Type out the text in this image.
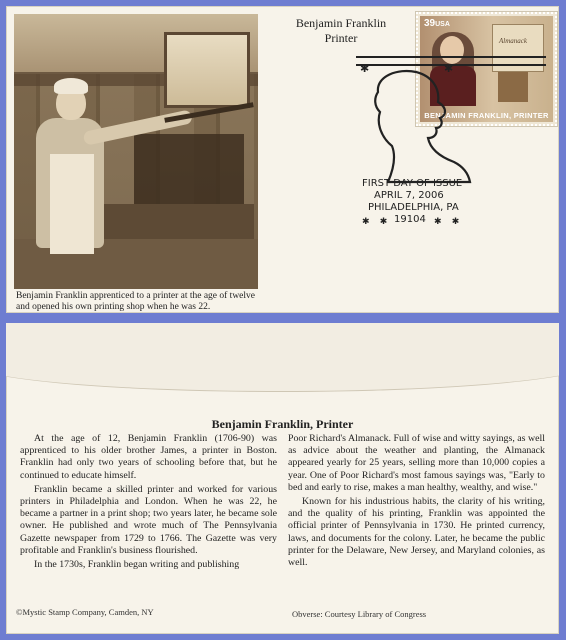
Benjamin Franklin apprenticed to a printer at the age of twelve and opened his own printing shop when he was 22.
Benjamin Franklin
Printer
39USA
Almanack
BENJAMIN FRANKLIN, PRINTER
✱	✱
FIRST DAY OF ISSUE
APRIL 7, 2006
PHILADELPHIA, PA
19104
✱ ✱	✱ ✱
Benjamin Franklin, Printer

At the age of 12, Benjamin Franklin (1706-90) was apprenticed to his older brother James, a printer in Boston. Franklin had only two years of schooling before that, but he continued to educate himself.

Franklin became a skilled printer and worked for various printers in Philadelphia and London. When he was 22, he became a partner in a print shop; two years later, he became sole owner. He published and wrote much of The Pennsylvania Gazette newspaper from 1729 to 1766. The Gazette was very profitable and Franklin's business flourished.

In the 1730s, Franklin began writing and publishing

Poor Richard's Almanack. Full of wise and witty sayings, as well as advice about the weather and planting, the Almanack appeared yearly for 25 years, selling more than 10,000 copies a year. One of Poor Richard's most famous sayings was, "Early to bed and early to rise, makes a man healthy, wealthy, and wise."

Known for his industrious habits, the clarity of his writing, and the quality of his printing, Franklin was appointed the official printer of Pennsylvania in 1730. He printed currency, laws, and documents for the colony. Later, he became the public printer for the Delaware, New Jersey, and Maryland colonies, as well.

©Mystic Stamp Company, Camden, NY	Obverse: Courtesy Library of Congress
